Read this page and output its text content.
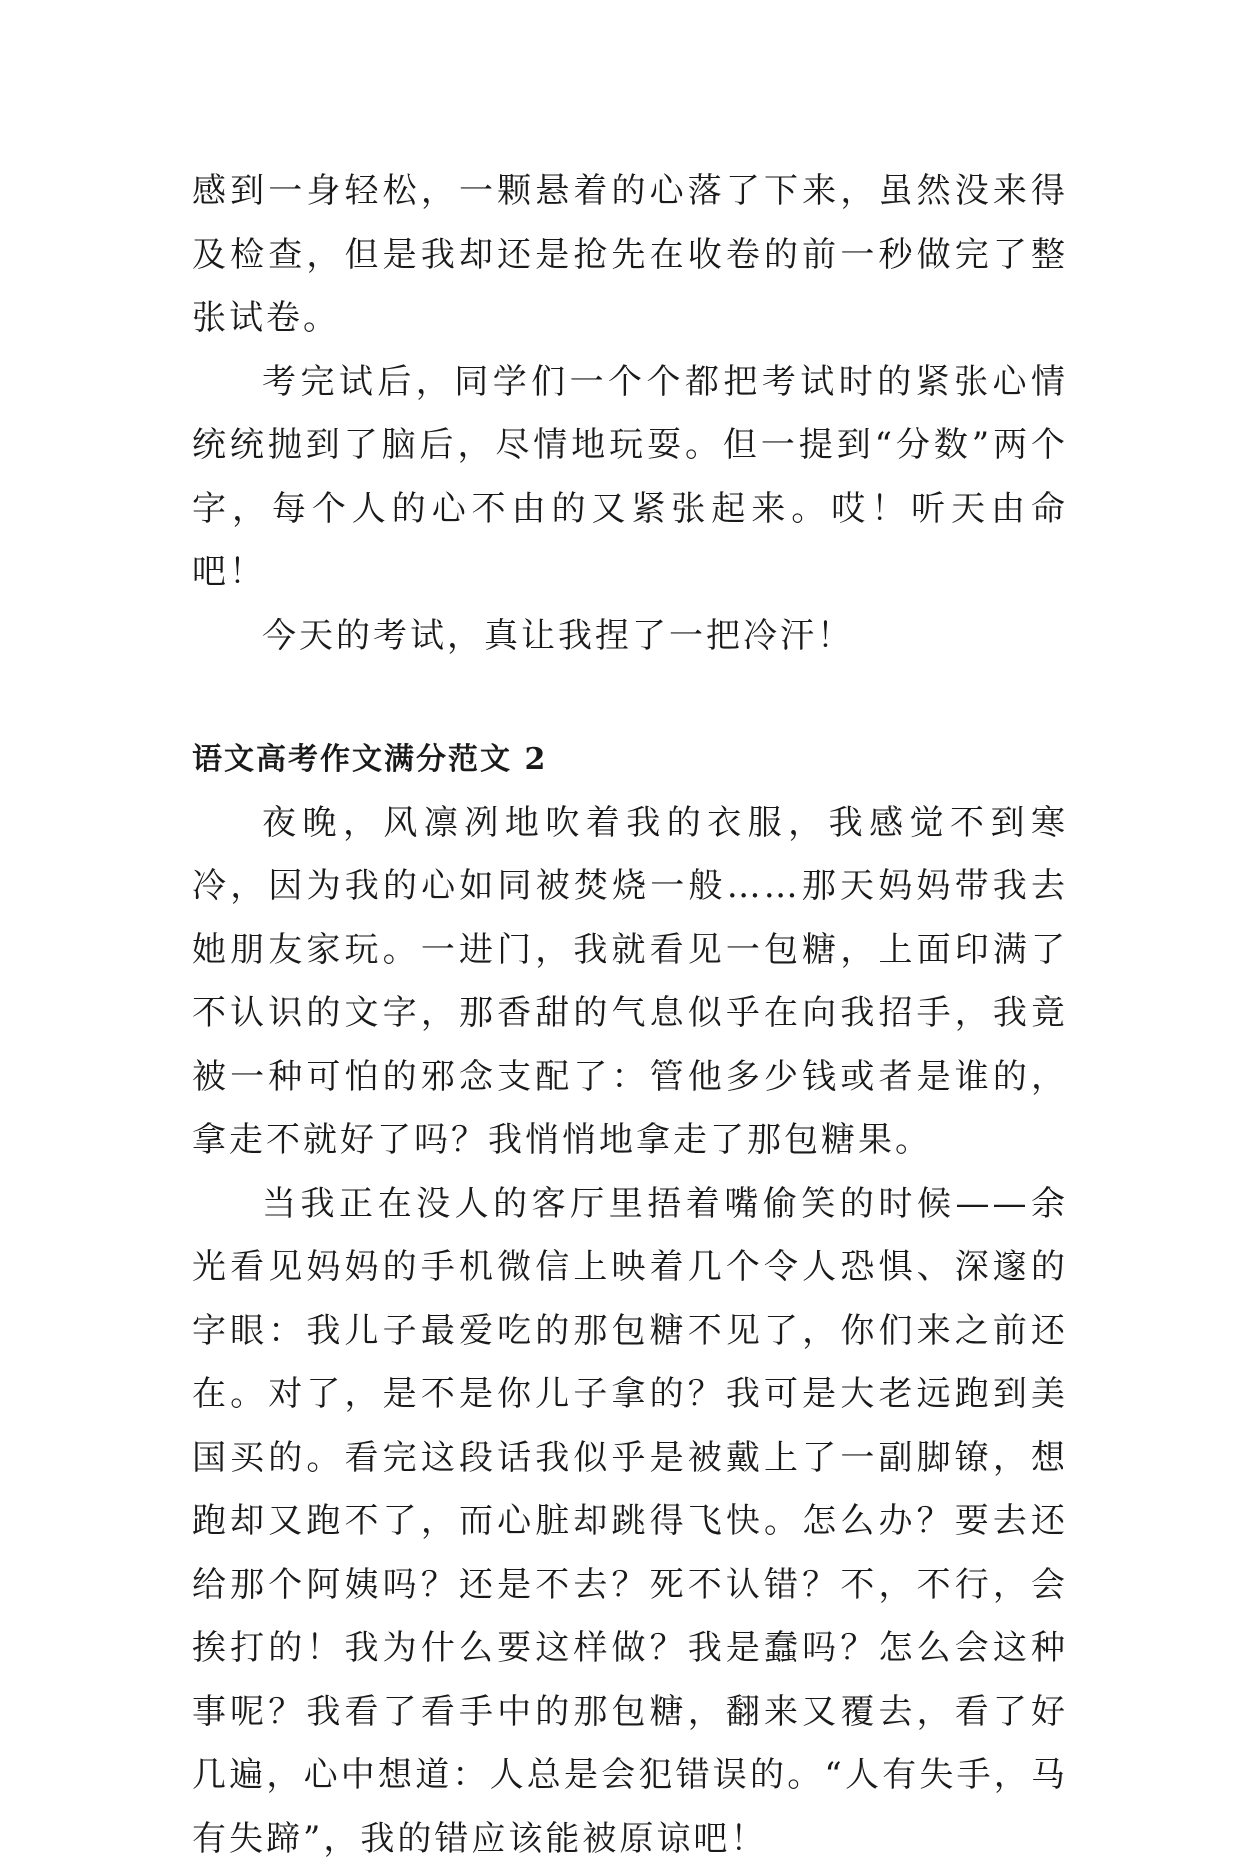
感到一身轻松，一颗悬着的心落了下来，虽然没来得及检查，但是我却还是抢先在收卷的前一秒做完了整张试卷。

考完试后，同学们一个个都把考试时的紧张心情统统抛到了脑后，尽情地玩耍。但一提到“分数”两个字，每个人的心不由的又紧张起来。哎！听天由命吧！

今天的考试，真让我捏了一把冷汗！

语文高考作文满分范文 2

夜晚，风凛冽地吹着我的衣服，我感觉不到寒冷，因为我的心如同被焚烧一般……那天妈妈带我去她朋友家玩。一进门，我就看见一包糖，上面印满了不认识的文字，那香甜的气息似乎在向我招手，我竟被一种可怕的邪念支配了：管他多少钱或者是谁的，拿走不就好了吗？我悄悄地拿走了那包糖果。

当我正在没人的客厅里捂着嘴偷笑的时候——余光看见妈妈的手机微信上映着几个令人恐惧、深邃的字眼：我儿子最爱吃的那包糖不见了，你们来之前还在。对了，是不是你儿子拿的？我可是大老远跑到美国买的。看完这段话我似乎是被戴上了一副脚镣，想跑却又跑不了，而心脏却跳得飞快。怎么办？要去还给那个阿姨吗？还是不去？死不认错？不，不行，会挨打的！我为什么要这样做？我是蠢吗？怎么会这种事呢？我看了看手中的那包糖，翻来又覆去，看了好几遍，心中想道：人总是会犯错误的。“人有失手，马有失蹄”，我的错应该能被原谅吧！
